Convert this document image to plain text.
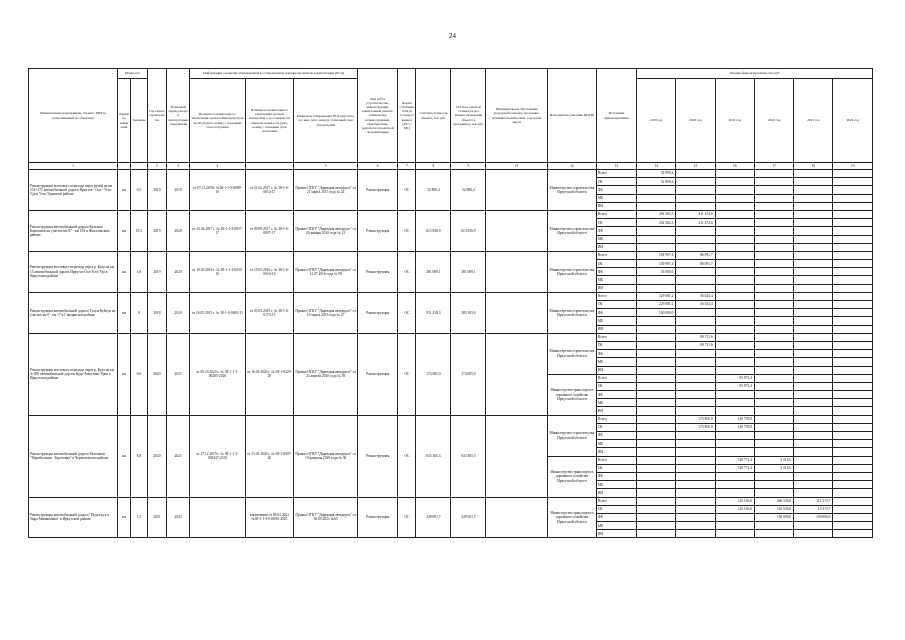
24
Наименование мероприятия, объекта, ПИР (в разграничений по объектам)	Мощность		Год начала строительства	Плановый период ввода в эксплуатацию/завершения	Информация о наличии утвержденной в установленном порядке проектной документации (ПСД)			Вид работ (строительство, реконструкция, капитальный ремонт, техническое перевооружение, приобретение, разработка проектной документации)	Форма собственности (в государственной (ОС) / МС)	Сметная стоимость объекта, тыс.руб.	Остаток сметной стоимости (на момент включения объекта в программу), тыс.руб.	Муниципальное образование (городской/сельское поселение, муниципальный район, городской округ)	Исполнитель (заказчик ИОГВ)	Источники финансирования	Объемы финансирования, тыс.руб					
	Единица измерения	Значение			Наличие положительного заключения органов Минпромстроя на ПСД (дата, номер) / плановый срок получения	Наличие положительного заключения органов экспертизы о достоверности сметной стоимости (дата, номер) / плановый срок получения	Реквизиты утверждения ПСД (вид акта, его вид, дата, номер) / плановый срок утверждения								2019 год	2020 год	2021 год	2022 год	2023 год	2024 год
1			2	3	4		5	6	7	8	9	11	12	13	14	15	16	17	18	19
Реконструкция мостового перехода через ручей на км 252+171 автомобильной дороги Иркутск - Оса - Усть-Уда в Усть-Удинском районе	км	0,5	2019	2019	от 07.11.2018г. №38-1-1-3-0089-16	от 21.02.2017 г. № 38-1-6-0014-17	Приказ ОГКУ "Дирекция автодорог" от 21 марта 2017 года № 24	Реконструкция	ОС	52 890,4	52 890,4		Министерство строительства Иркутской области	Всего	52 890,4					
														ОБ	52 890,4					
														ФБ						
														МБ						
														ИИ						
Реконструкция автомобильной дороги Култакы-Кантилюк на участке км 87 - км 103 в Жигаловском районе	км	19,3	2019	2020	от 25.04.2017 г. № 38-1-1-3-0037-17	от 09.09.2017 г. № 38-1-6-0007-17	Приказ ОГКУ "Дирекция автодорог" от 26 января 2018 года № 21	Реконструкция	ОС	613 836,9	613 836,9		Министерство строительства Иркутской области	Всего	202 362,3	411 474,6				
														ОБ	202 362,3	411 474,6				
														ФБ						
														МБ						
														ИИ						
Реконструкция мостового перехода через р. Куда на км 15 автомобильной дороги Иркутск-Оса-Усть-Уда в Иркутском районе	км	1,6	2019	2020	от 19.05.2016 г. № 38-1-1-3-0030-16	от 19.05.2016 г. № 38-1-6-0016-16	Приказ ОГКУ "Дирекция автодорог" от 12.07.2016 года № 98	Реконструкция	ОС	281 089,1	281 089,1		Министерство строительства Иркутской области	Всего	194 997,4	86 091,7				
														ОБ	139 997,4	86 091,7				
														ФБ	55 000,0					
														МБ						
														ИИ						
Реконструкция автомобильной дороги Тулун-Куйтун на участке км 0 - км 17 в Слюдянском районе	км	8	2018	2020	от 16.05.2013 г. № 38-1-4-0062-13	от 03.03.2015 г. № 38-1-6-0173-15	Приказ ОГКУ "Дирекция автодорог" от 10 марта 2015 года № 27	Реконструкция	ОС	911 418,3	385 105,6		Министерство строительства Иркутской области	Всего	329 081,2	56 024,4				
														ОБ	229 081,2	56 024,4				
														ФБ	100 000,0					
														МБ						
														ИИ						
Реконструкция мостового перехода через р. Куда на км 4+050 автомобильной дороги Куда-Хомутово-Урик в Иркутском районе	км	0,6	2020	2021	от 06.10.2020 г. № 38-1-1-3-06285-2020	от 16.04.2020 г. № 38-1-0329-20	Приказ ОГКУ "Дирекция автодорог" от 23 апреля 2020 года № 59	Реконструкция	ОС	174 685,0	174 685,0		Министерство строительства Иркутской области	Всего		80 711,6				
														ОБ		80 711,6				
														ФБ						
														МБ						
														ИИ						
													Министерство транспорта и дорожного хозяйства Иркутской области	Всего			93 973,4			
														ОБ			93 973,4			
														ФБ						
														МБ						
														ИИ						
Реконструкция автомобильной дороги Молчанов - "Марабельная - Березовка" в Черемховском районе	км	8,8	2020	2021	от 27.12.2019 г. № 38-1-1-3-038437-2019	от 15.01.2020 г. № 38-1-0007-20	Приказ ОГКУ "Дирекция автодорог" от 19 февраля 2020 года № 30	Реконструкция	ОС	633 365,3	633 365,3		Министерство строительства Иркутской области	Всего		175 850,0	140 739,9			
														ОБ		175 850,0	140 739,9			
														ФБ						
														МБ						
														ИИ						
													Министерство транспорта и дорожного хозяйства Иркутской области	Всего			318 772,4	2 516,0		
														ОБ			318 772,4	2 516,0		
														ФБ						
														МБ						
														ИИ						
Реконструкция автомобильной дороги "Подъезд к п. Тыра Мамышевка" в Иркутском районе	км	5,2	2021	2023		заключение от 09.03.2021 №38-1-1-3-010916-2021	Приказ ОГКУ "Дирекция автодорог" от 30.09.2021 №65	Реконструкция	ОС	249 001,7	249 001,7		Министерство транспорта и дорожного хозяйства Иркутской области	Всего			120 156,0	266 530,0	112 315,7	
														ОБ			120 156,0	116 530,0	12 315,7	
														ФБ				150 000,0	100 000,0	
														МБ						
														ИИ						
